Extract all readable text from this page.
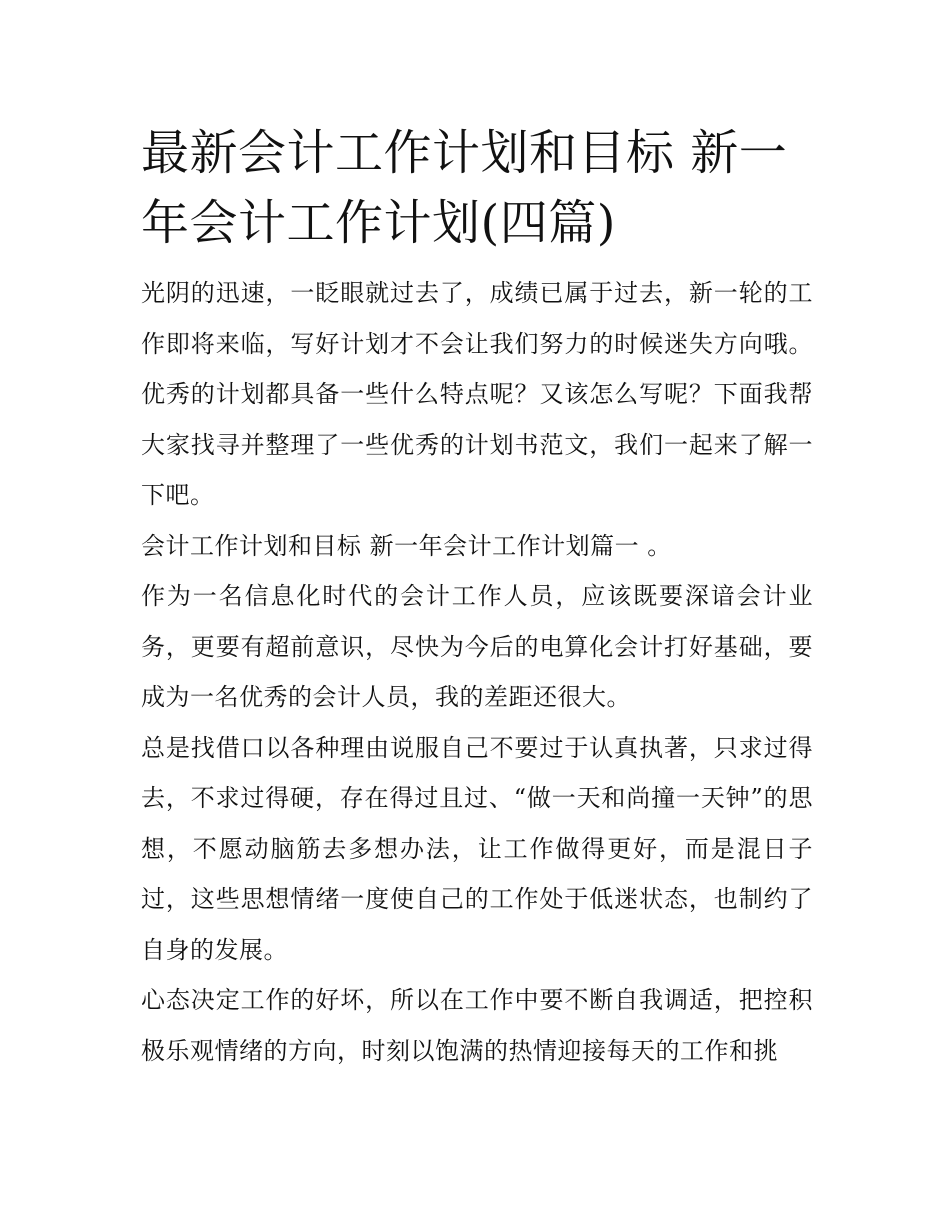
最新会计工作计划和目标 新一年会计工作计划(四篇)

光阴的迅速，一眨眼就过去了，成绩已属于过去，新一轮的工作即将来临，写好计划才不会让我们努力的时候迷失方向哦。优秀的计划都具备一些什么特点呢？又该怎么写呢？下面我帮大家找寻并整理了一些优秀的计划书范文，我们一起来了解一下吧。

会计工作计划和目标 新一年会计工作计划篇一 。

作为一名信息化时代的会计工作人员，应该既要深谙会计业务，更要有超前意识，尽快为今后的电算化会计打好基础，要成为一名优秀的会计人员，我的差距还很大。

总是找借口以各种理由说服自己不要过于认真执著，只求过得去，不求过得硬，存在得过且过、“做一天和尚撞一天钟”的思想，不愿动脑筋去多想办法，让工作做得更好，而是混日子过，这些思想情绪一度使自己的工作处于低迷状态，也制约了自身的发展。

心态决定工作的好坏，所以在工作中要不断自我调适，把控积极乐观情绪的方向，时刻以饱满的热情迎接每天的工作和挑
